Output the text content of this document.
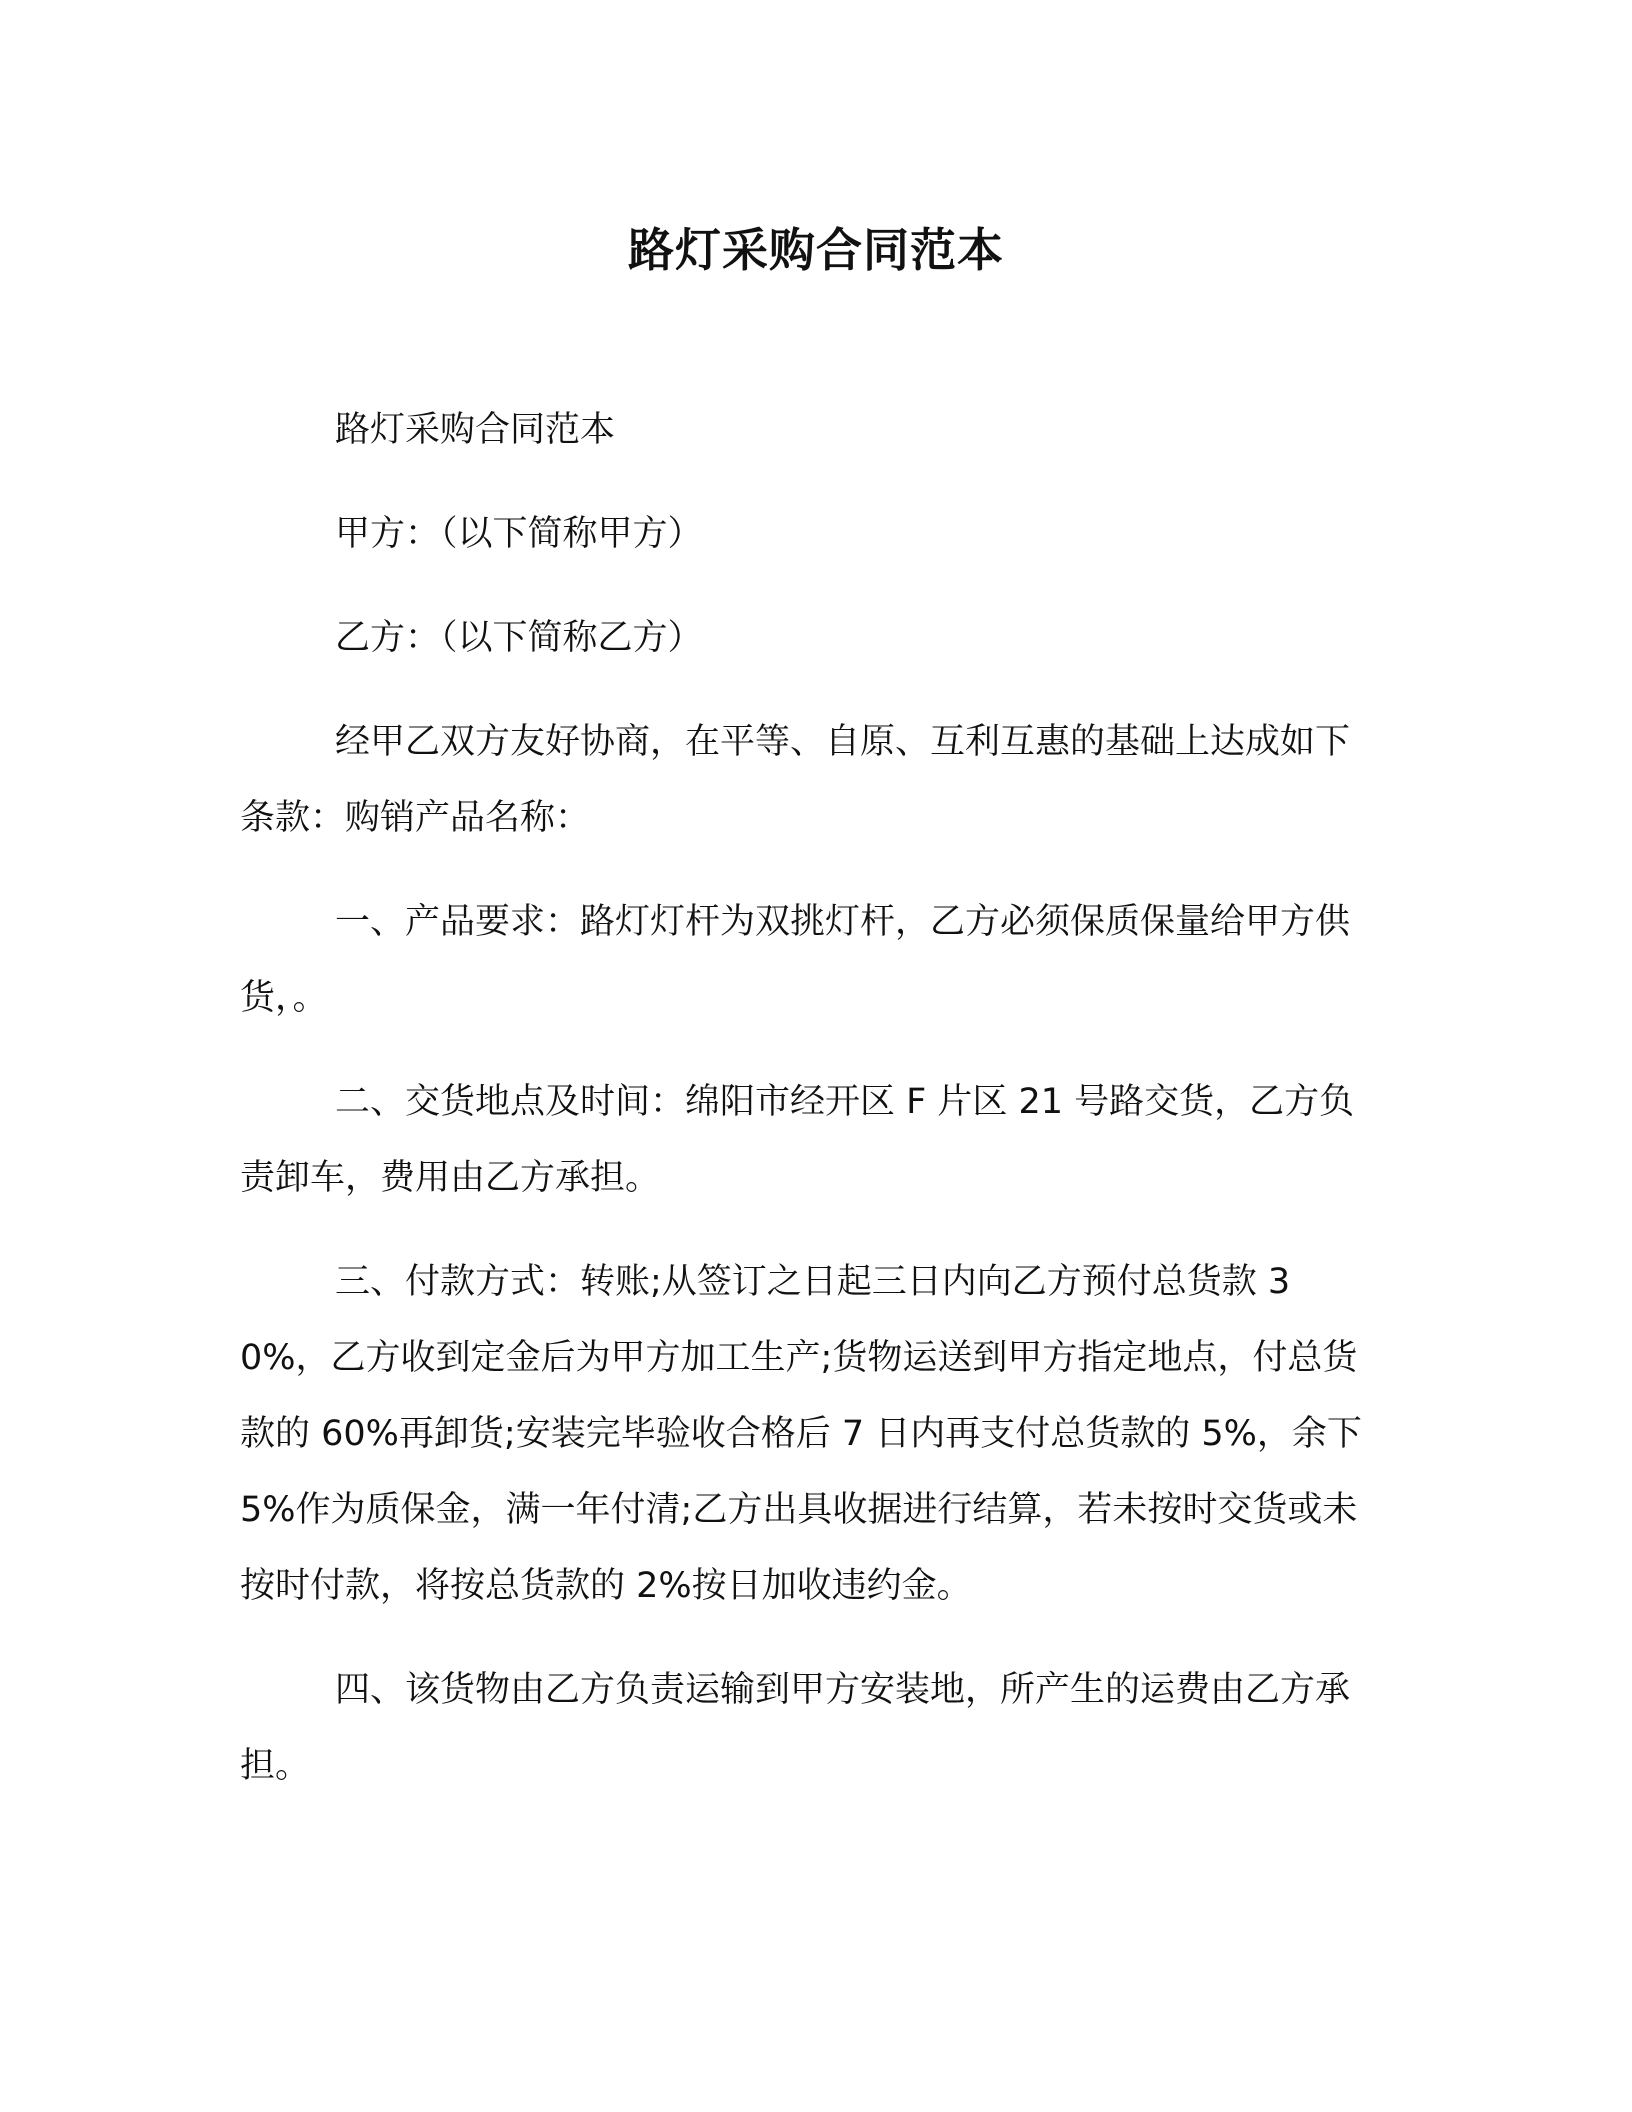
路灯采购合同范本

路灯采购合同范本

甲方：（以下简称甲方）

乙方：（以下简称乙方）

经甲乙双方友好协商，在平等、自原、互利互惠的基础上达成如下条款：购销产品名称：

一、产品要求：路灯灯杆为双挑灯杆，乙方必须保质保量给甲方供货，。

二、交货地点及时间：绵阳市经开区 F 片区 21 号路交货，乙方负责卸车，费用由乙方承担。

三、付款方式：转账;从签订之日起三日内向乙方预付总货款 30%，乙方收到定金后为甲方加工生产;货物运送到甲方指定地点，付总货款的 60%再卸货;安装完毕验收合格后 7 日内再支付总货款的 5%，余下 5%作为质保金，满一年付清;乙方出具收据进行结算，若未按时交货或未按时付款，将按总货款的 2%按日加收违约金。

四、该货物由乙方负责运输到甲方安装地，所产生的运费由乙方承担。
